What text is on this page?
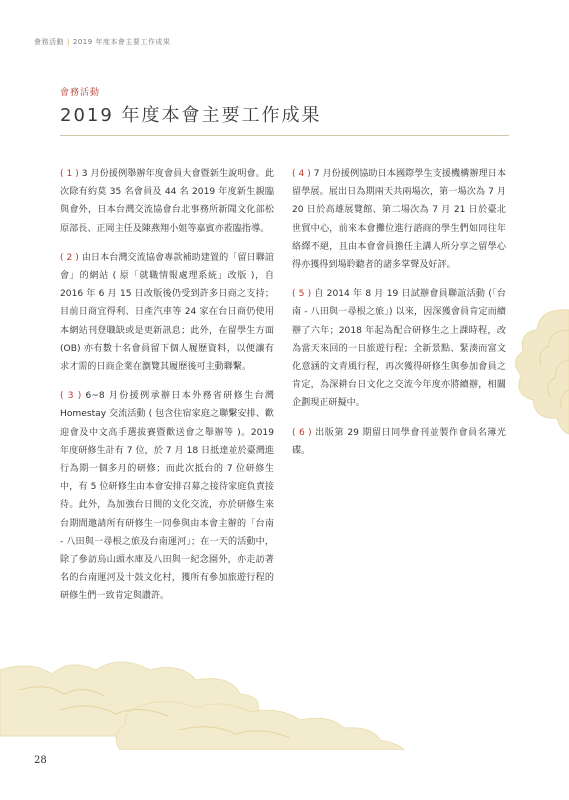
會務活動 | 2019 年度本會主要工作成果
會務活動
2019 年度本會主要工作成果

( 1 ) 3 月份援例舉辦年度會員大會暨新生說明會。此次除有約莫 35 名會員及 44 名 2019 年度新生親臨與會外，日本台灣交流協會台北事務所新聞文化部松原部長、正岡主任及陳燕翔小姐等嘉賓亦蒞臨指導。

( 2 ) 由日本台灣交流協會專款補助建置的「留日聯誼會」的網站 ( 原「就職情報處理系統」改版 )，自 2016 年 6 月 15 日改版後仍受到許多日商之支持；目前日商宜得利、日產汽車等 24 家在台日商仍使用本網站刊登職缺或是更新訊息；此外，在留學生方面 (OB) 亦有數十名會員留下個人履歷資料，以便讓有求才需的日商企業在瀏覽其履歷後可主動聯繫。

( 3 ) 6~8 月份援例承辦日本外務省研修生台灣 Homestay 交流活動 ( 包含住宿家庭之聯繫安排、歡迎會及中文高手選拔賽暨歡送會之舉辦等 )。2019 年度研修生計有 7 位，於 7 月 18 日抵達並於臺灣進行為期一個多月的研修；而此次抵台的 7 位研修生中，有 5 位研修生由本會安排召募之接待家庭負責接待。此外，為加強台日間的文化交流，亦於研修生來台期間邀請所有研修生一同參與由本會主辦的「台南 - 八田與一尋根之旅及台南運河」；在一天的活動中，除了參訪烏山頭水庫及八田與一紀念園外，亦走訪著名的台南運河及十鼓文化村，獲所有參加旅遊行程的研修生們一致肯定與讚許。

( 4 ) 7 月份援例協助日本國際學生支援機構辦理日本留學展。展出日為期兩天共兩場次，第一場次為 7 月 20 日於高雄展覽館、第二場次為 7 月 21 日於臺北世貿中心，前來本會攤位進行諮商的學生們如同往年絡繹不絕，且由本會會員擔任主講人所分享之留學心得亦獲得到場聆聽者的諸多掌聲及好評。

( 5 ) 自 2014 年 8 月 19 日試辦會員聯誼活動 (「台南 - 八田與一尋根之旅」) 以來，因深獲會員肯定而續辦了六年；2018 年起為配合研修生之上課時程，改為當天來回的一日旅遊行程；全新景點、緊湊而富文化意涵的文青風行程，再次獲得研修生與參加會員之肯定，為深耕台日文化之交流今年度亦將續辦，相關企劃現正研擬中。

( 6 ) 出版第 29 期留日同學會刊並製作會員名簿光碟。

28
